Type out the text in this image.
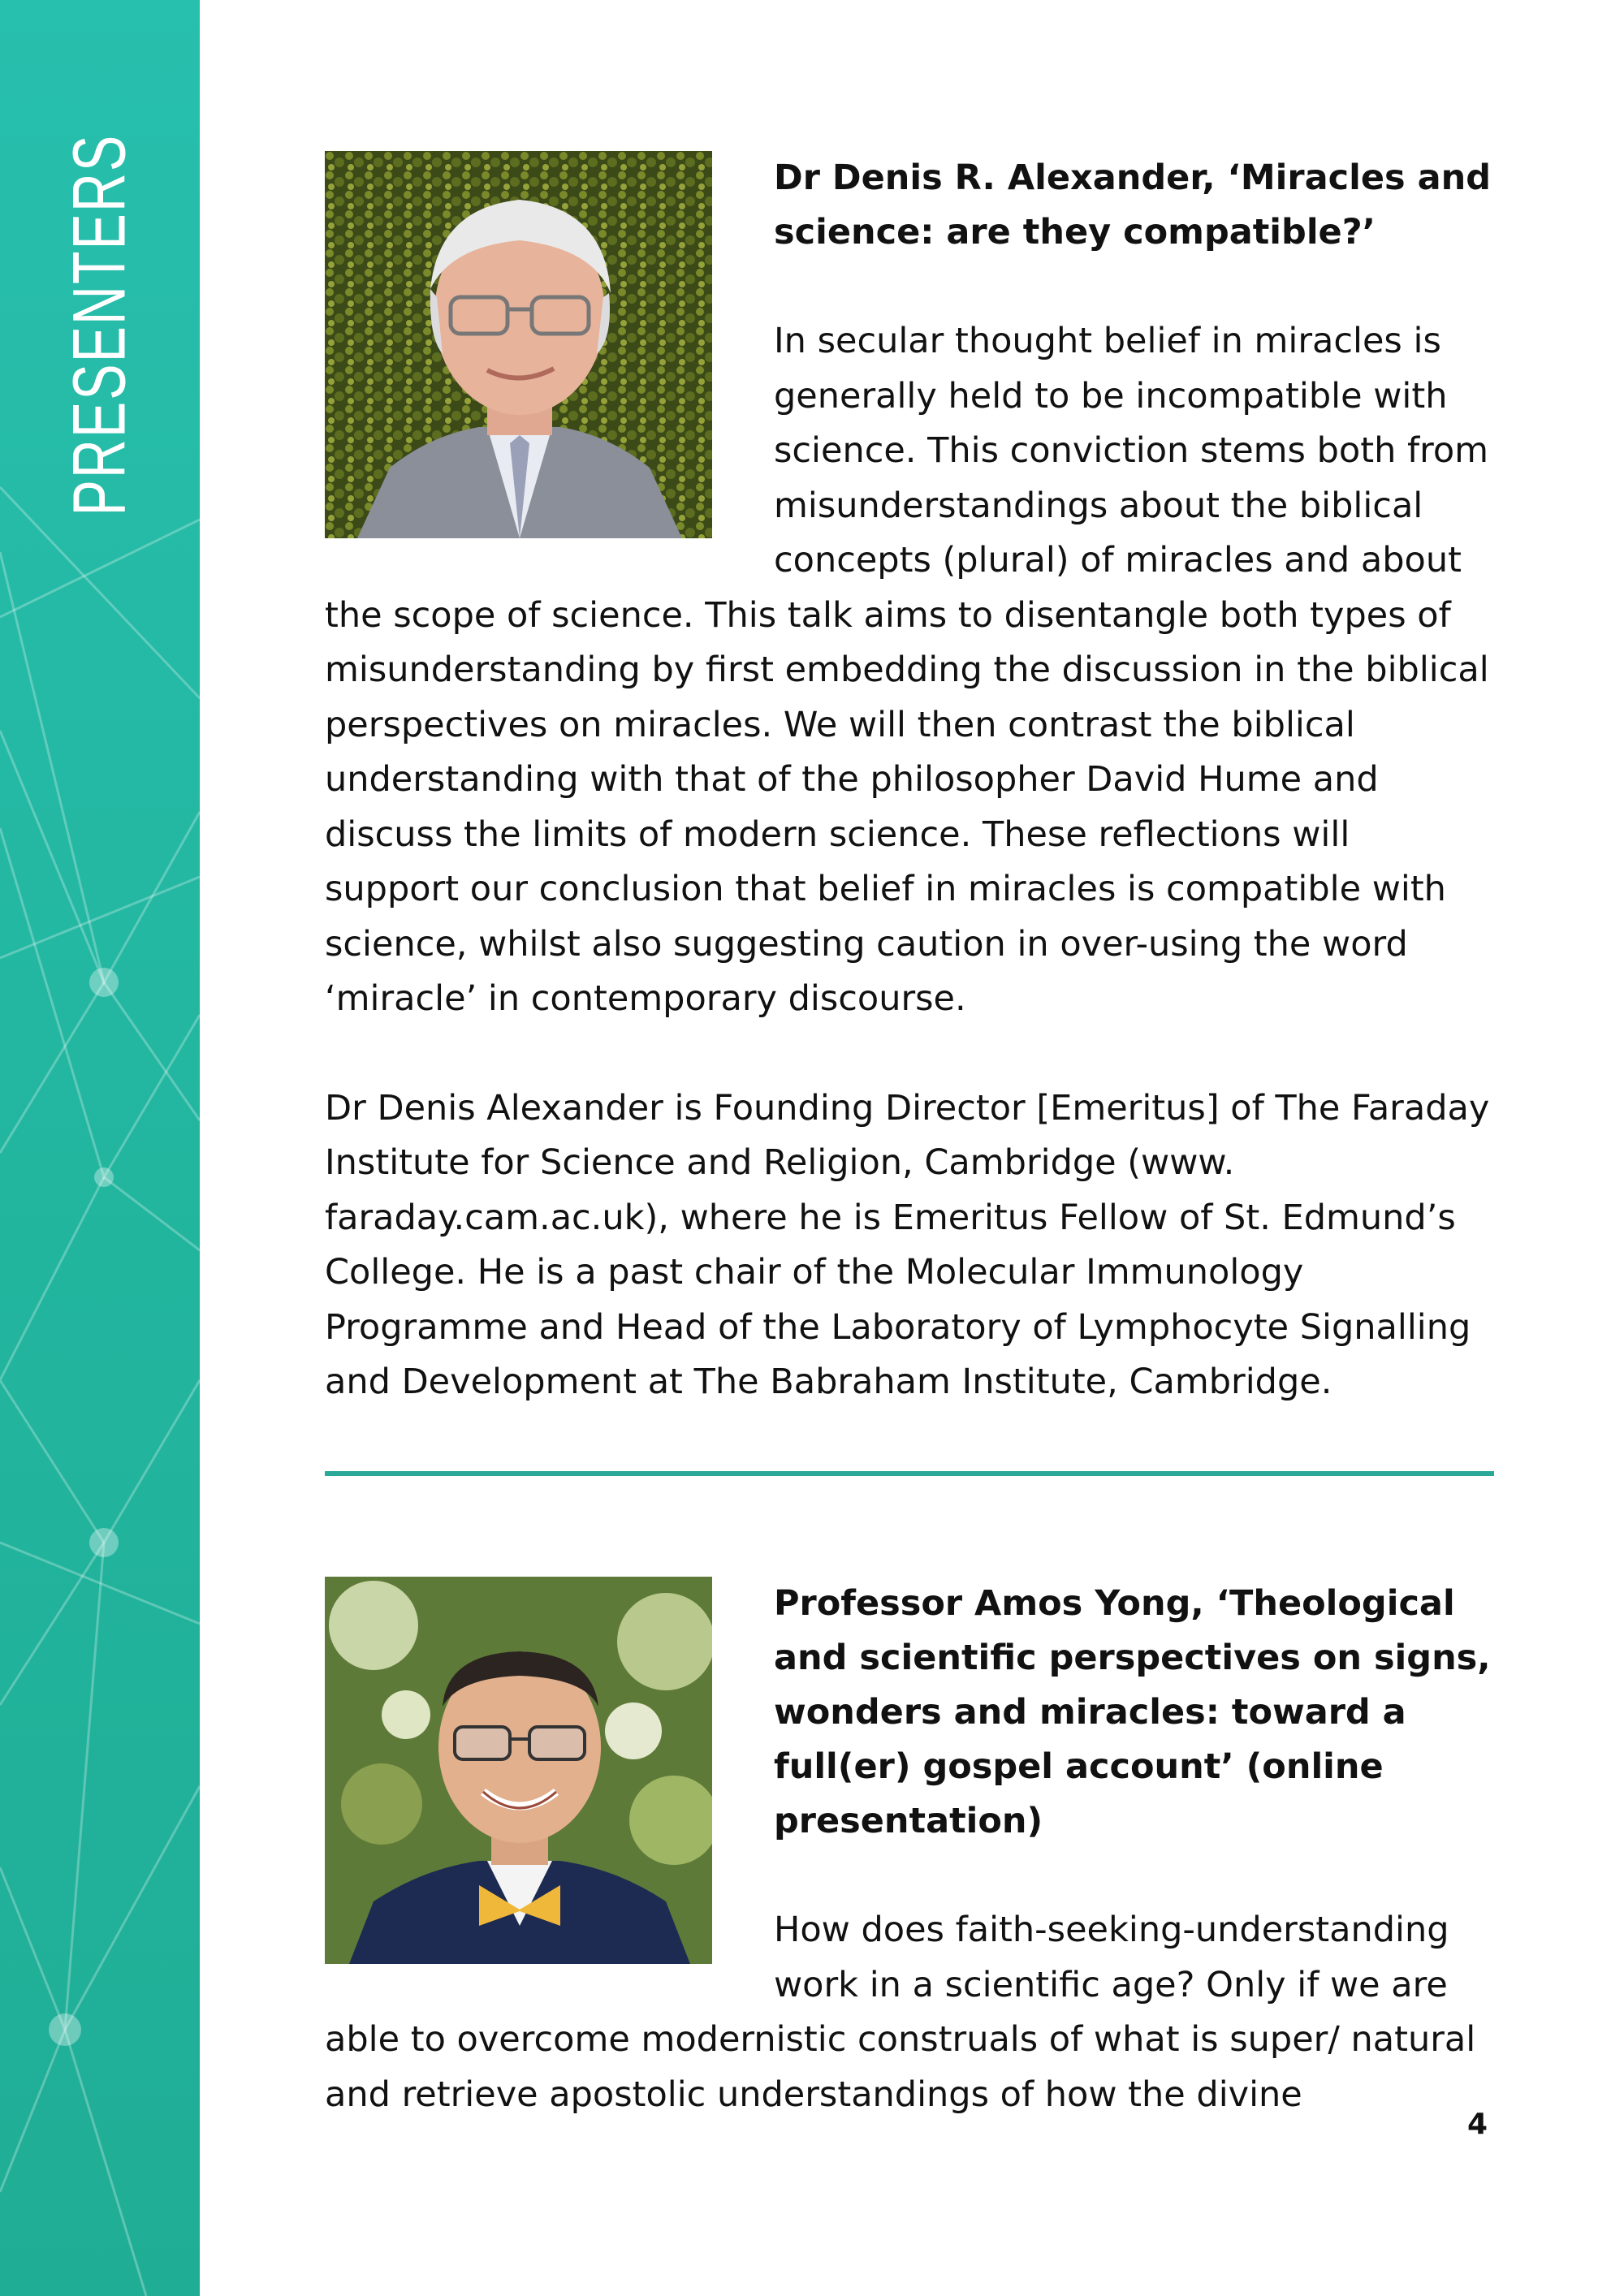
PRESENTERS	Dr Denis R. Alexander, ‘Miracles and science: are they compatible?’

In secular thought belief in miracles is generally held to be incompatible with science. This conviction stems both from misunderstandings about the biblical concepts (plural) of miracles and about the scope of science. This talk aims to disentangle both types of misunderstanding by first embedding the discussion in the biblical perspectives on miracles. We will then contrast the biblical understanding with that of the philosopher David Hume and discuss the limits of modern science. These reflections will support our conclusion that belief in miracles is compatible with science, whilst also suggesting caution in over-using the word ‘miracle’ in contemporary discourse.

Dr Denis Alexander is Founding Director [Emeritus] of The Faraday Institute for Science and Religion, Cambridge (www. faraday.cam.ac.uk), where he is Emeritus Fellow of St. Edmund’s College. He is a past chair of the Molecular Immunology Programme and Head of the Laboratory of Lymphocyte Signalling and Development at The Babraham Institute, Cambridge.

Professor Amos Yong, ‘Theological and scientific perspectives on signs, wonders and miracles: toward a full(er) gospel account’ (online presentation)

How does faith-seeking-understanding work in a scientific age? Only if we are able to overcome modernistic construals of what is super/ natural and retrieve apostolic understandings of how the divine

4
